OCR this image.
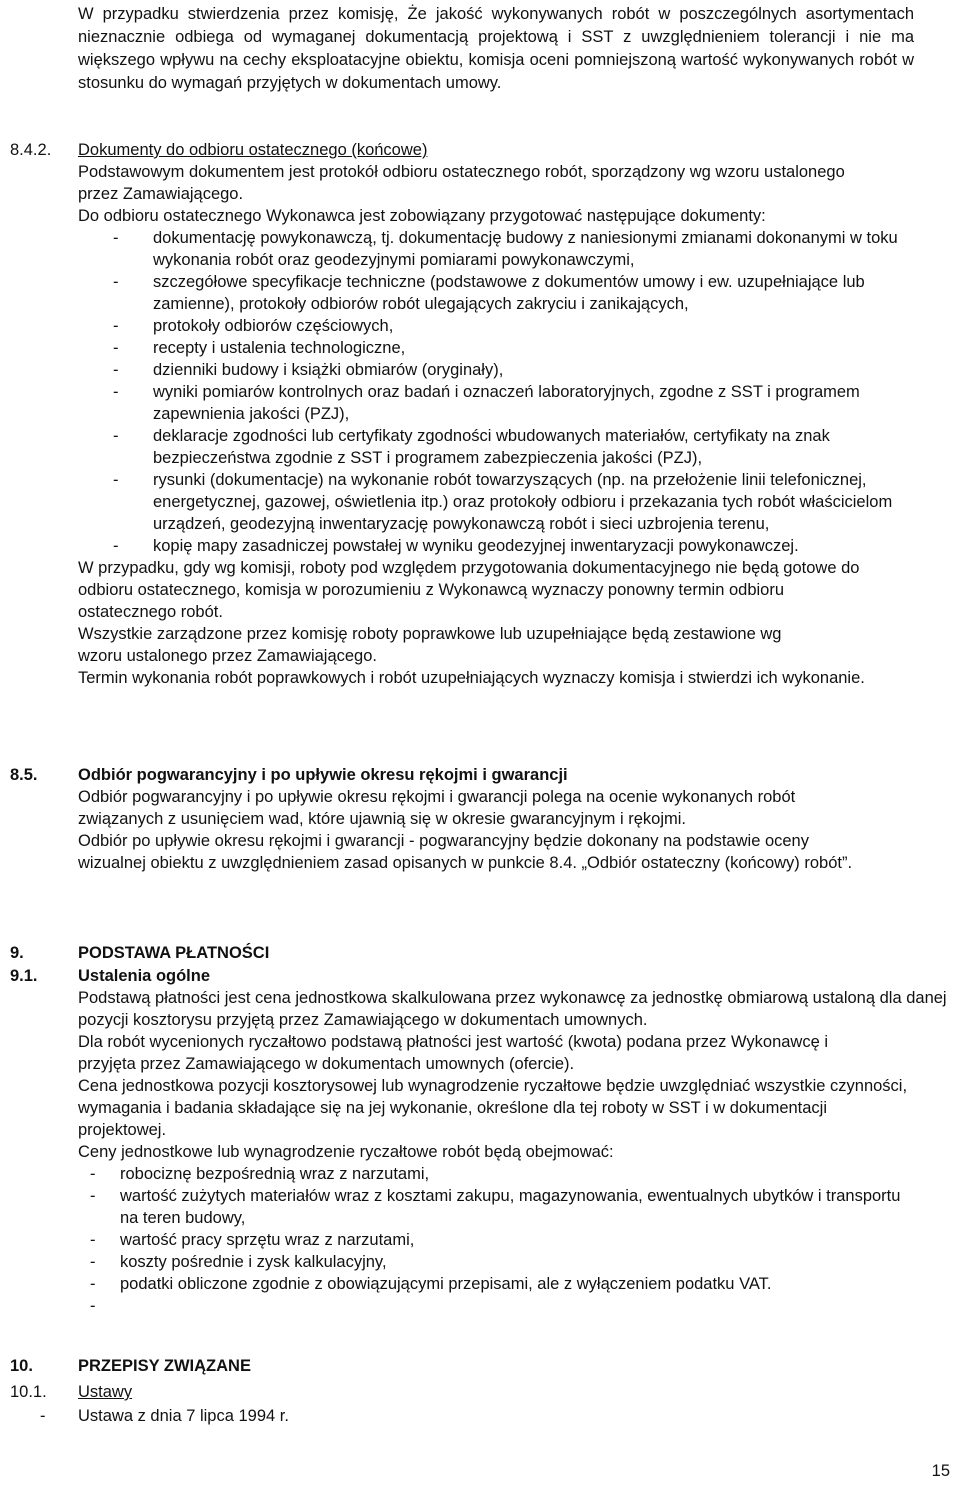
W przypadku stwierdzenia przez komisję, Że jakość wykonywanych robót w poszczególnych asortymentach nieznacznie odbiega od wymaganej dokumentacją projektową i SST z uwzględnieniem tolerancji i nie ma większego wpływu na cechy eksploatacyjne obiektu, komisja oceni pomniejszoną wartość wykonywanych robót w stosunku do wymagań przyjętych w dokumentach umowy.

8.4.2. Dokumenty do odbioru ostatecznego (końcowe)

Podstawowym dokumentem jest protokół odbioru ostatecznego robót, sporządzony wg wzoru ustalonego przez Zamawiającego.

Do odbioru ostatecznego Wykonawca jest zobowiązany przygotować następujące dokumenty:

- dokumentację powykonawczą, tj. dokumentację budowy z naniesionymi zmianami dokonanymi w toku wykonania robót oraz geodezyjnymi pomiarami powykonawczymi,
- szczegółowe specyfikacje techniczne (podstawowe z dokumentów umowy i ew. uzupełniające lub zamienne), protokoły odbiorów robót ulegających zakryciu i zanikających,
- protokoły odbiorów częściowych,
- recepty i ustalenia technologiczne,
- dzienniki budowy i książki obmiarów (oryginały),
- wyniki pomiarów kontrolnych oraz badań i oznaczeń laboratoryjnych, zgodne z SST i programem zapewnienia jakości (PZJ),
- deklaracje zgodności lub certyfikaty zgodności wbudowanych materiałów, certyfikaty na znak bezpieczeństwa zgodnie z SST i programem zabezpieczenia jakości (PZJ),
- rysunki (dokumentacje) na wykonanie robót towarzyszących (np. na przełożenie linii telefonicznej, energetycznej, gazowej, oświetlenia itp.) oraz protokoły odbioru i przekazania tych robót właścicielom urządzeń, geodezyjną inwentaryzację powykonawczą robót i sieci uzbrojenia terenu,
- kopię mapy zasadniczej powstałej w wyniku geodezyjnej inwentaryzacji powykonawczej.

W przypadku, gdy wg komisji, roboty pod względem przygotowania dokumentacyjnego nie będą gotowe do odbioru ostatecznego, komisja w porozumieniu z Wykonawcą wyznaczy ponowny termin odbioru ostatecznego robót.

Wszystkie zarządzone przez komisję roboty poprawkowe lub uzupełniające będą zestawione wg wzoru ustalonego przez Zamawiającego.

Termin wykonania robót poprawkowych i robót uzupełniających wyznaczy komisja i stwierdzi ich wykonanie.

8.5. Odbiór pogwarancyjny i po upływie okresu rękojmi i gwarancji

Odbiór pogwarancyjny i po upływie okresu rękojmi i gwarancji polega na ocenie wykonanych robót związanych z usunięciem wad, które ujawnią się w okresie gwarancyjnym i rękojmi.

Odbiór po upływie okresu rękojmi i gwarancji - pogwarancyjny będzie dokonany na podstawie oceny wizualnej obiektu z uwzględnieniem zasad opisanych w punkcie 8.4. „Odbiór ostateczny (końcowy) robót”.

9.	PODSTAWA PŁATNOŚCI
9.1. Ustalenia ogólne

Podstawą płatności jest cena jednostkowa skalkulowana przez wykonawcę za jednostkę obmiarową ustaloną dla danej pozycji kosztorysu przyjętą przez Zamawiającego w dokumentach umownych.

Dla robót wycenionych ryczałtowo podstawą płatności jest wartość (kwota) podana przez Wykonawcę i przyjęta przez Zamawiającego w dokumentach umownych (ofercie).

Cena jednostkowa pozycji kosztorysowej lub wynagrodzenie ryczałtowe będzie uwzględniać wszystkie czynności, wymagania i badania składające się na jej wykonanie, określone dla tej roboty w SST i w dokumentacji projektowej.

Ceny jednostkowe lub wynagrodzenie ryczałtowe robót będą obejmować:

- robociznę bezpośrednią wraz z narzutami,
- wartość zużytych materiałów wraz z kosztami zakupu, magazynowania, ewentualnych ubytków i transportu na teren budowy,
- wartość pracy sprzętu wraz z narzutami,
- koszty pośrednie i zysk kalkulacyjny,
- podatki obliczone zgodnie z obowiązującymi przepisami, ale z wyłączeniem podatku VAT.
-
10.	PRZEPISY ZWIĄZANE
10.1. Ustawy
- Ustawa z dnia 7 lipca 1994 r.
15
